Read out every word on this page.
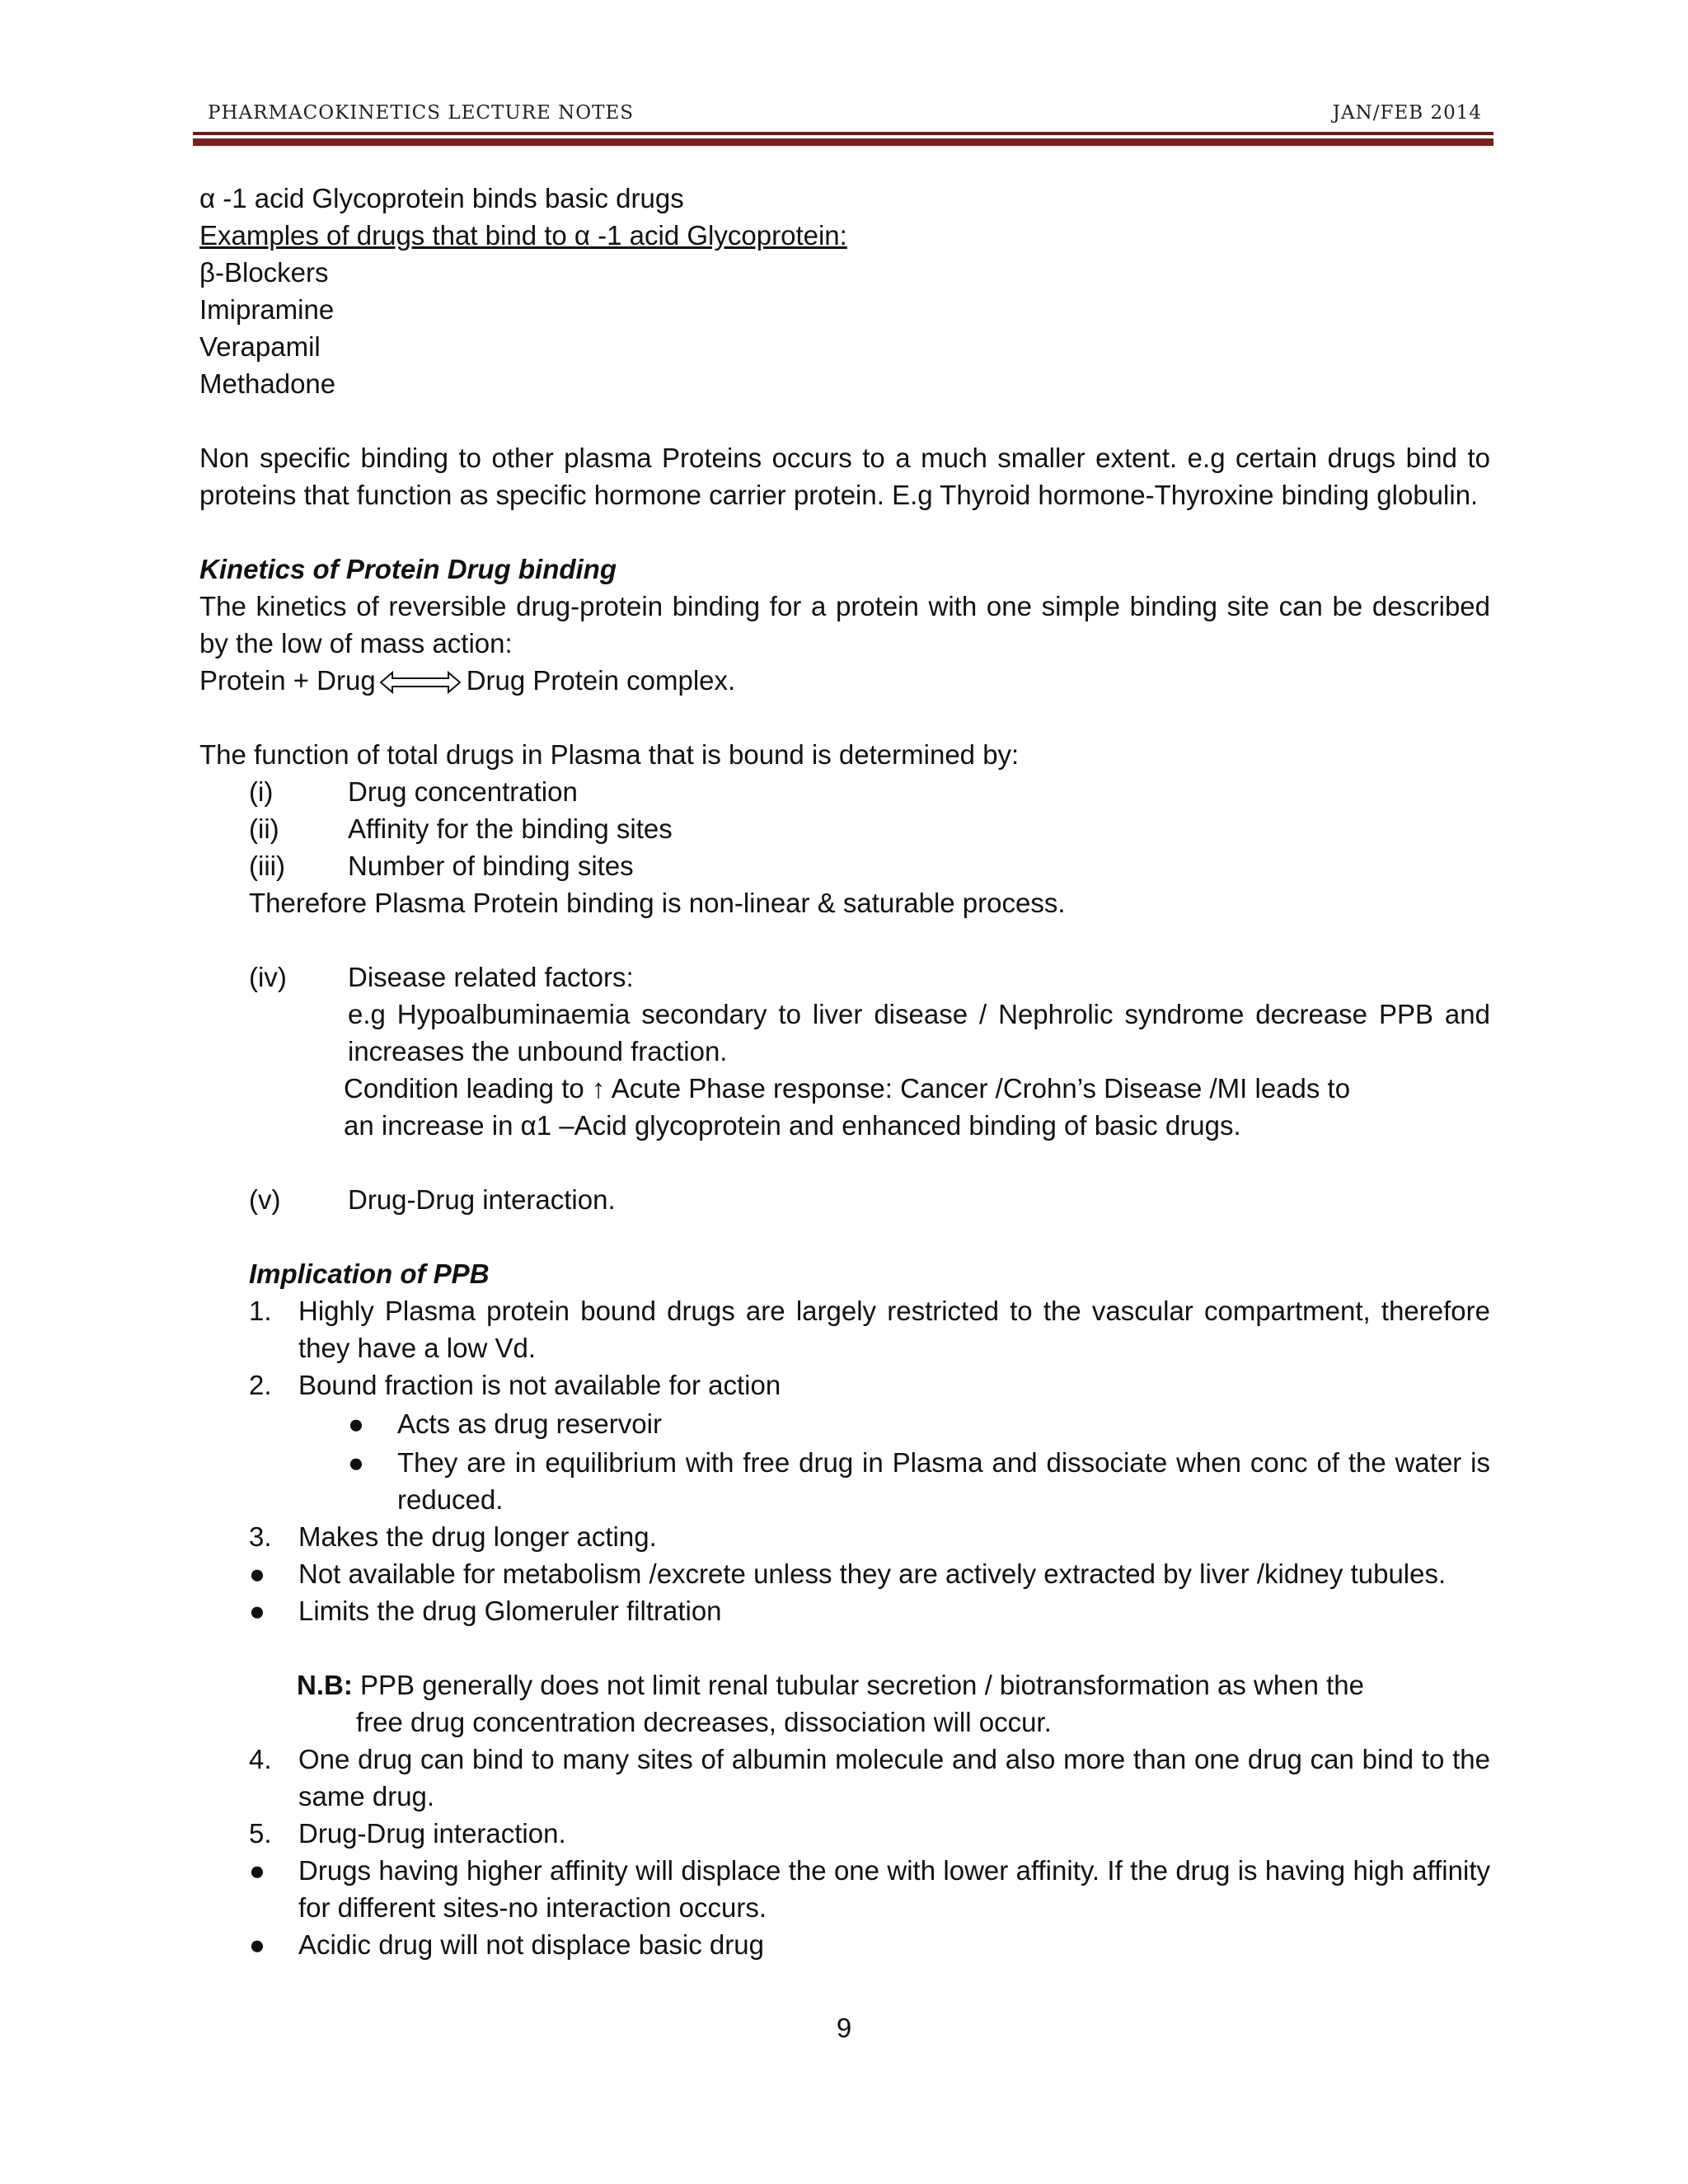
PHARMACOKINETICS LECTURE NOTES	JAN/FEB 2014
α -1 acid Glycoprotein binds basic drugs
Examples of drugs that bind to α -1 acid Glycoprotein:
β-Blockers
Imipramine
Verapamil
Methadone
Non specific binding to other plasma Proteins occurs to a much smaller extent. e.g certain drugs bind to proteins that function as specific hormone carrier protein. E.g Thyroid hormone-Thyroxine binding globulin.
Kinetics of Protein Drug binding
The kinetics of reversible drug-protein binding for a protein with one simple binding site can be described by the low of mass action:
Protein + Drug	Drug Protein complex.
The function of total drugs in Plasma that is bound is determined by:
(i)	Drug concentration
(ii)	Affinity for the binding sites
(iii)	Number of binding sites
Therefore Plasma Protein binding is non-linear & saturable process.
(iv)	Disease related factors:
e.g Hypoalbuminaemia secondary to liver disease / Nephrolic syndrome decrease PPB and increases the unbound fraction.
Condition leading to ↑ Acute Phase response: Cancer /Crohn’s Disease /MI leads to
an increase in α1 –Acid glycoprotein and enhanced binding of basic drugs.
(v)	Drug-Drug interaction.
Implication of PPB
1. Highly Plasma protein bound drugs are largely restricted to the vascular compartment, therefore they have a low Vd.
2. Bound fraction is not available for action
●	Acts as drug reservoir
●	They are in equilibrium with free drug in Plasma and dissociate when conc of the water is reduced.
3. Makes the drug longer acting.
●	Not available for metabolism /excrete unless they are actively extracted by liver /kidney tubules.
●	Limits the drug Glomeruler filtration
N.B: PPB generally does not limit renal tubular secretion / biotransformation as when the
free drug concentration decreases, dissociation will occur.
4. One drug can bind to many sites of albumin molecule and also more than one drug can bind to the same drug.
5. Drug-Drug interaction.
●	Drugs having higher affinity will displace the one with lower affinity. If the drug is having high affinity for different sites-no interaction occurs.
●	Acidic drug will not displace basic drug
9
